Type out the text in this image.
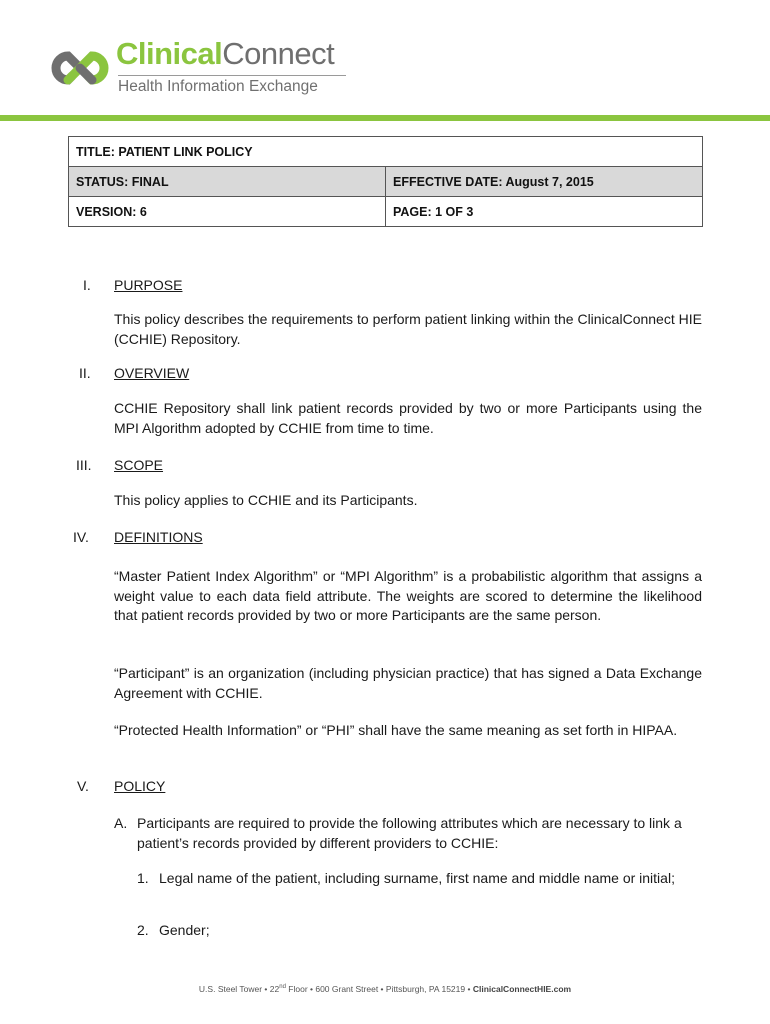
ClinicalConnect
Health Information Exchange
TITLE: PATIENT LINK POLICY	
STATUS: FINAL	EFFECTIVE DATE: August 7, 2015
VERSION: 6	PAGE: 1 OF 3
I. PURPOSE
This policy describes the requirements to perform patient linking within the ClinicalConnect HIE (CCHIE) Repository.
II. OVERVIEW
CCHIE Repository shall link patient records provided by two or more Participants using the MPI Algorithm adopted by CCHIE from time to time.
III. SCOPE
This policy applies to CCHIE and its Participants.
IV. DEFINITIONS
“Master Patient Index Algorithm” or “MPI Algorithm” is a probabilistic algorithm that assigns a weight value to each data field attribute. The weights are scored to determine the likelihood that patient records provided by two or more Participants are the same person.
“Participant” is an organization (including physician practice) that has signed a Data Exchange Agreement with CCHIE.
“Protected Health Information” or “PHI” shall have the same meaning as set forth in HIPAA.
V. POLICY
A. Participants are required to provide the following attributes which are necessary to link a patient’s records provided by different providers to CCHIE:
1. Legal name of the patient, including surname, first name and middle name or initial;
2. Gender;
U.S. Steel Tower • 22nd Floor • 600 Grant Street • Pittsburgh, PA 15219 • ClinicalConnectHIE.com
